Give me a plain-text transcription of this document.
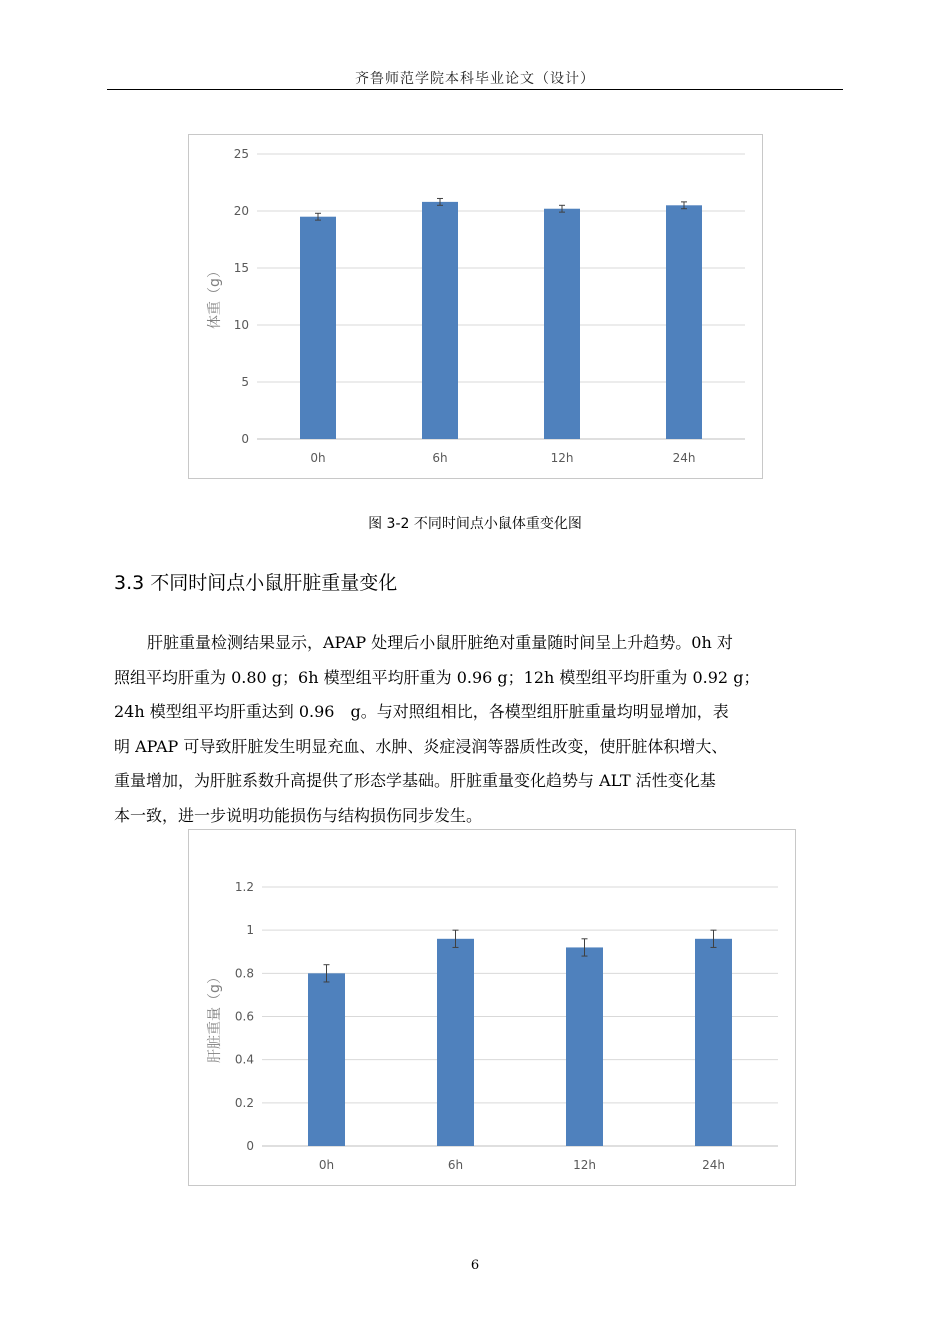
齐鲁师范学院本科毕业论文（设计）
0
5
10
15
20
25
0h	6h	12h	24h
体重（g）
图 3-2 不同时间点小鼠体重变化图
3.3 不同时间点小鼠肝脏重量变化
肝脏重量检测结果显示，APAP 处理后小鼠肝脏绝对重量随时间呈上升趋势。0h 对
照组平均肝重为 0.80 g；6h 模型组平均肝重为 0.96 g；12h 模型组平均肝重为 0.92 g；
24h 模型组平均肝重达到 0.96　g。与对照组相比，各模型组肝脏重量均明显增加，表
明 APAP 可导致肝脏发生明显充血、水肿、炎症浸润等器质性改变，使肝脏体积增大、
重量增加，为肝脏系数升高提供了形态学基础。肝脏重量变化趋势与 ALT 活性变化基
本一致，进一步说明功能损伤与结构损伤同步发生。
0
0.2
0.4
0.6
0.8
1
1.2
0h	6h	12h	24h
肝脏重量（g）
6
